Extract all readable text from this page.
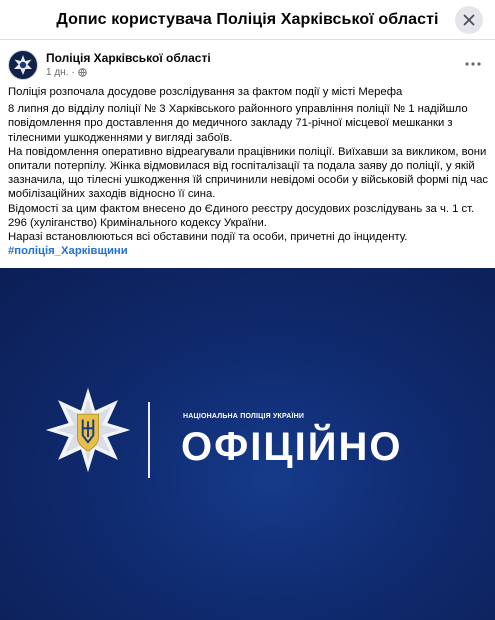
Допис користувача Поліція Харківської області
Поліція Харківської області
1 дн. ·

Поліція розпочала досудове розслідування за фактом події у місті Мерефа

8 липня до відділу поліції № 3 Харківського районного управління поліції № 1 надійшло повідомлення про доставлення до медичного закладу 71-річної місцевої мешканки з тілесними ушкодженнями у вигляді забоїв.

На повідомлення оперативно відреагували працівники поліції. Виїхавши за викликом, вони опитали потерпілу. Жінка відмовилася від госпіталізації та подала заяву до поліції, у якій зазначила, що тілесні ушкодження їй спричинили невідомі особи у військовій формі під час мобілізаційних заходів відносно її сина.

Відомості за цим фактом внесено до Єдиного реєстру досудових розслідувань за ч. 1 ст. 296 (хуліганство) Кримінального кодексу України.

Наразі встановлюються всі обставини події та особи, причетні до інциденту.

#поліція_Харківщини

НАЦІОНАЛЬНА ПОЛІЦІЯ УКРАЇНИ
ОФІЦІЙНО
